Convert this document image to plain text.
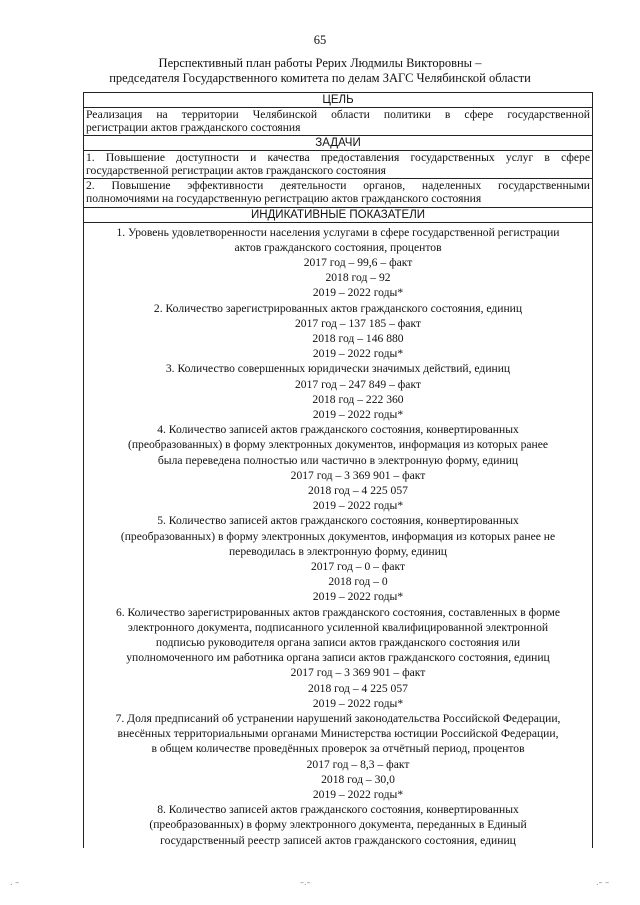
65
Перспективный план работы Рерих Людмилы Викторовны –
председателя Государственного комитета по делам ЗАГС Челябинской области
ЦЕЛЬ
Реализация на территории Челябинской области политики в сфере государственной
регистрации актов гражданского состояния
ЗАДАЧИ
1. Повышение доступности и качества предоставления государственных услуг в сфере
государственной регистрации актов гражданского состояния
2. Повышение эффективности деятельности органов, наделенных государственными
полномочиями на государственную регистрацию актов гражданского состояния
ИНДИКАТИВНЫЕ ПОКАЗАТЕЛИ
1. Уровень удовлетворенности населения услугами в сфере государственной регистрации
актов гражданского состояния, процентов
2017 год – 99,6 – факт
2018 год – 92
2019 – 2022 годы*
2. Количество зарегистрированных актов гражданского состояния, единиц
2017 год – 137 185 – факт
2018 год – 146 880
2019 – 2022 годы*
3. Количество совершенных юридически значимых действий, единиц
2017 год – 247 849 – факт
2018 год – 222 360
2019 – 2022 годы*
4. Количество записей актов гражданского состояния, конвертированных
(преобразованных) в форму электронных документов, информация из которых ранее
была переведена полностью или частично в электронную форму, единиц
2017 год – 3 369 901 – факт
2018 год – 4 225 057
2019 – 2022 годы*
5. Количество записей актов гражданского состояния, конвертированных
(преобразованных) в форму электронных документов, информация из которых ранее не
переводилась в электронную форму, единиц
2017 год – 0 – факт
2018 год – 0
2019 – 2022 годы*
6. Количество зарегистрированных актов гражданского состояния, составленных в форме
электронного документа, подписанного усиленной квалифицированной электронной
подписью руководителя органа записи актов гражданского состояния или
уполномоченного им работника органа записи актов гражданского состояния, единиц
2017 год – 3 369 901 – факт
2018 год – 4 225 057
2019 – 2022 годы*
7. Доля предписаний об устранении нарушений законодательства Российской Федерации,
внесённых территориальными органами Министерства юстиции Российской Федерации,
в общем количестве проведённых проверок за отчётный период, процентов
2017 год – 8,3 – факт
2018 год – 30,0
2019 – 2022 годы*
8. Количество записей актов гражданского состояния, конвертированных
(преобразованных) в форму электронного документа, переданных в Единый
государственный реестр записей актов гражданского состояния, единиц
. –	–.–	.– –
